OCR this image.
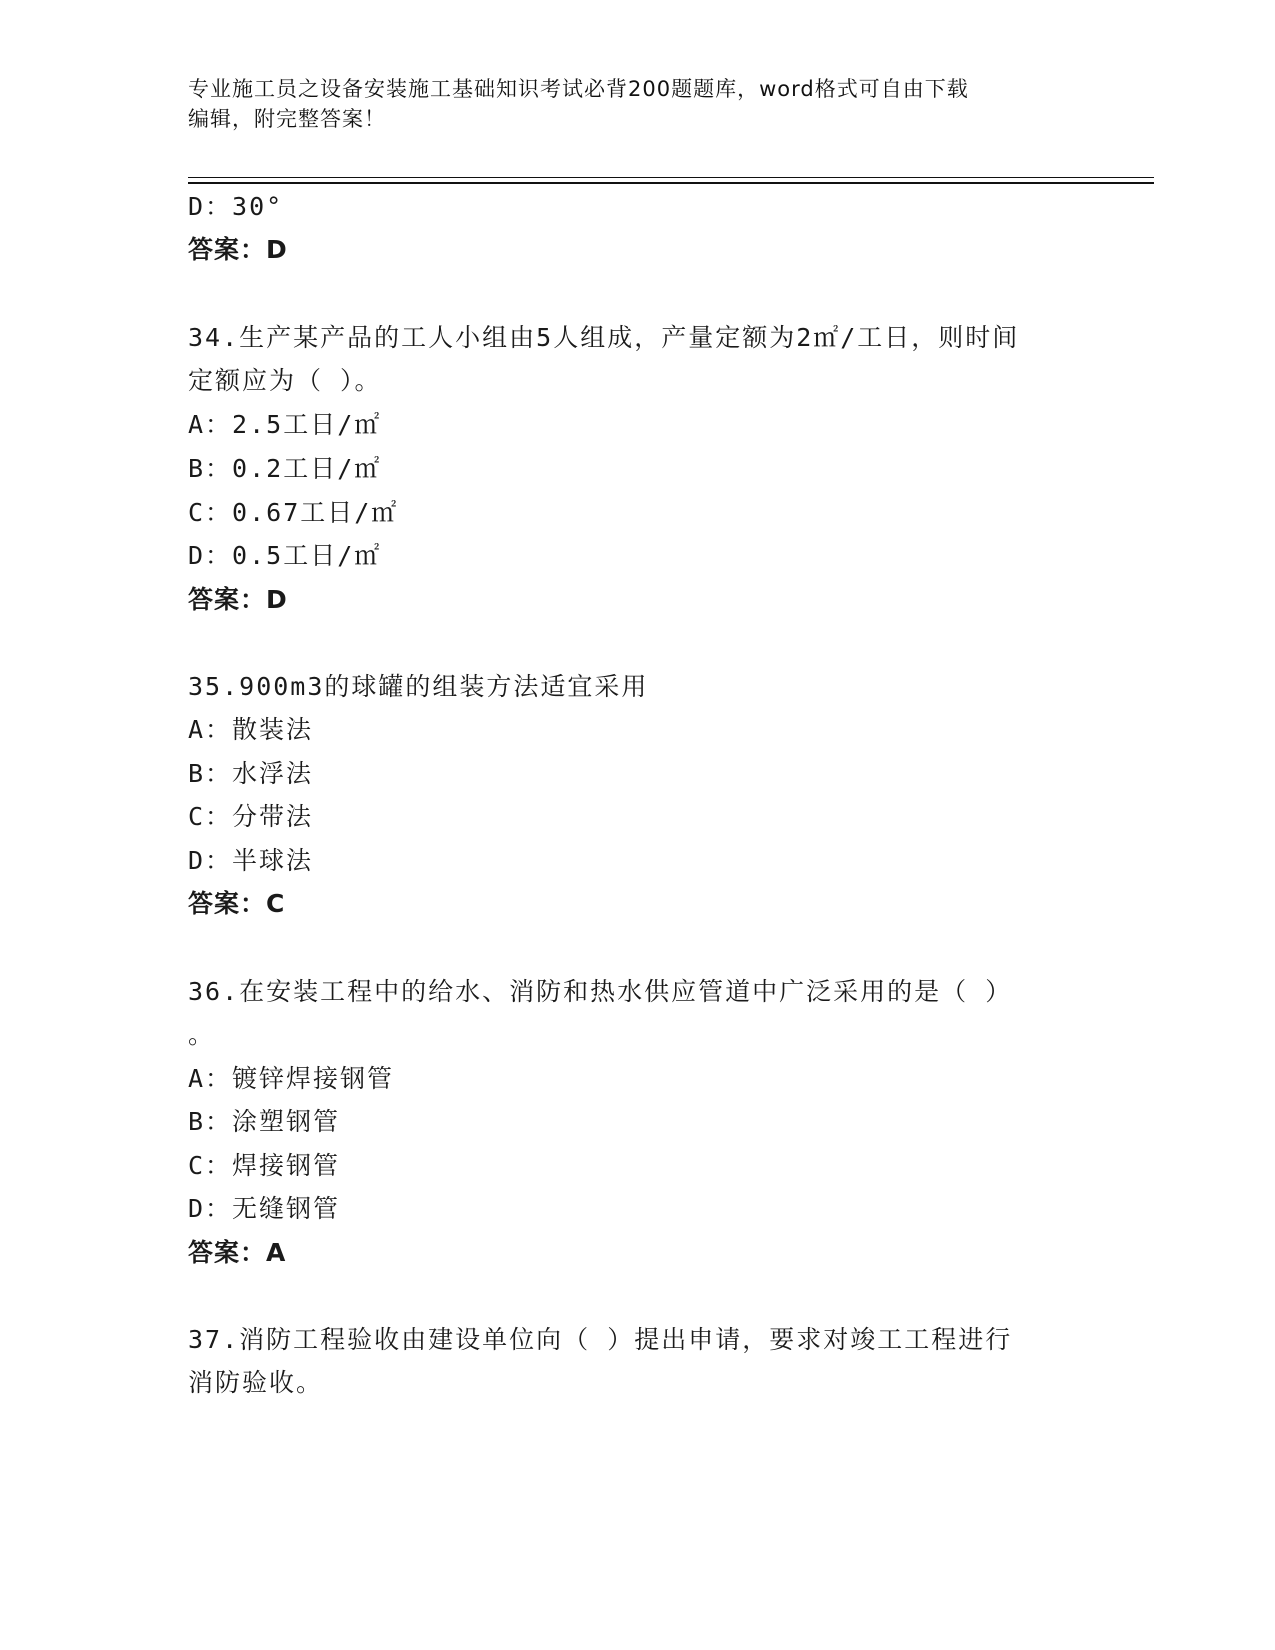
专业施工员之设备安装施工基础知识考试必背200题题库，word格式可自由下载
编辑，附完整答案！
D：30°
答案：D
34.生产某产品的工人小组由5人组成，产量定额为2㎡/工日，则时间
定额应为（ ）。
A：2.5工日/㎡
B：0.2工日/㎡
C：0.67工日/㎡
D：0.5工日/㎡
答案：D
35.900m3的球罐的组装方法适宜采用
A：散装法
B：水浮法
C：分带法
D：半球法
答案：C
36.在安装工程中的给水、消防和热水供应管道中广泛采用的是（ ）
。
A：镀锌焊接钢管
B：涂塑钢管
C：焊接钢管
D：无缝钢管
答案：A
37.消防工程验收由建设单位向（ ）提出申请，要求对竣工工程进行
消防验收。
